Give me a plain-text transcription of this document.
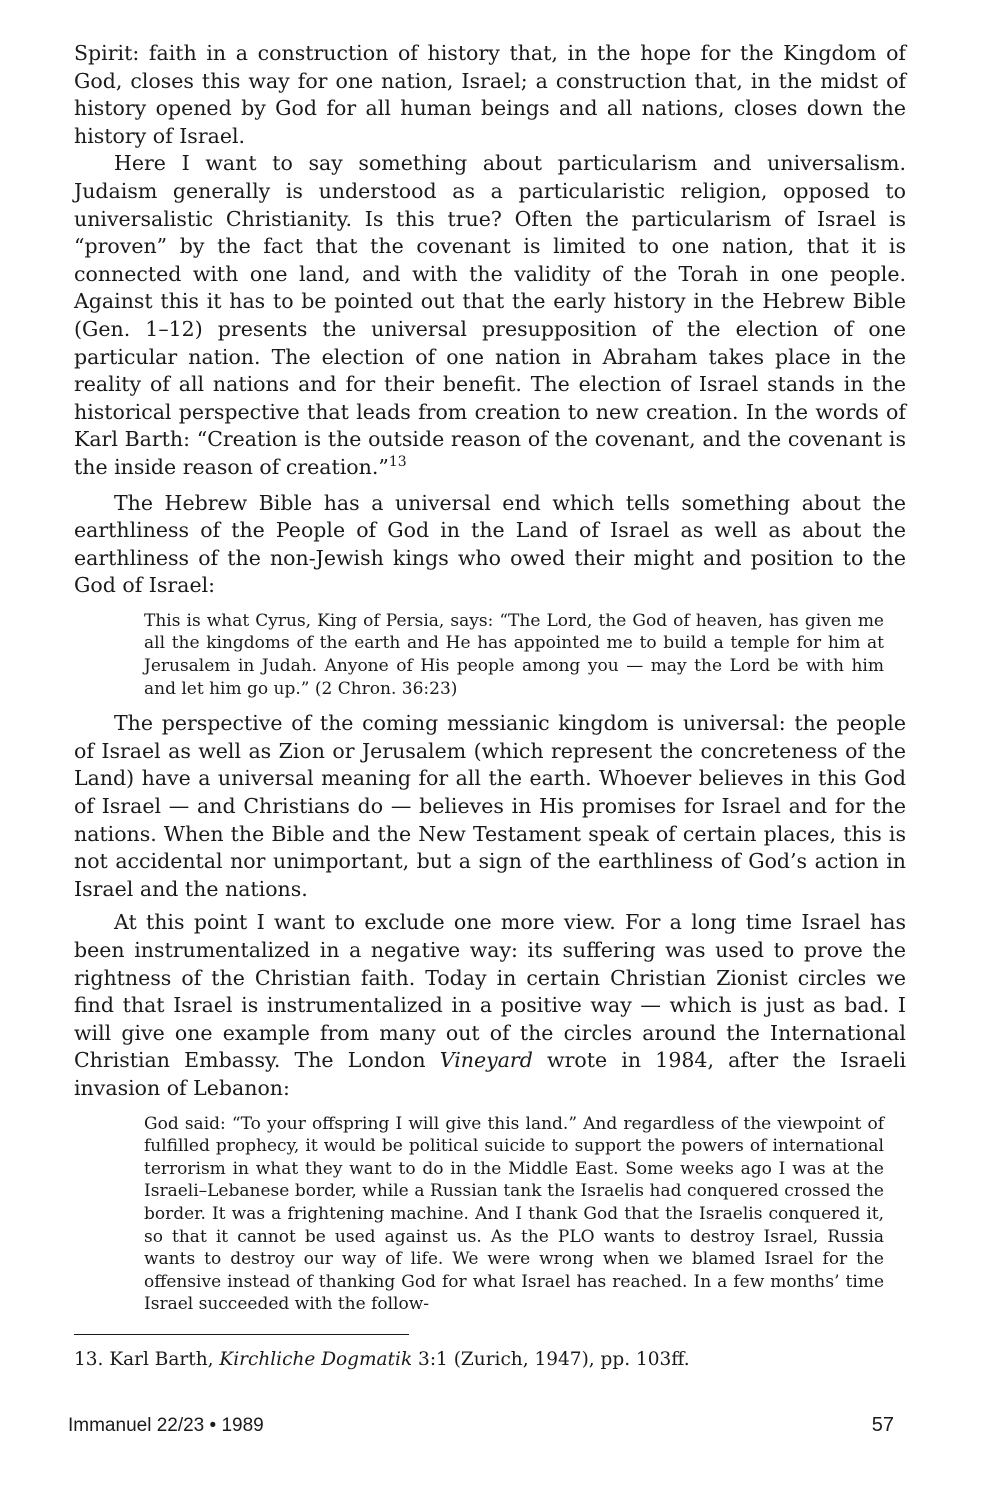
Spirit: faith in a construction of history that, in the hope for the Kingdom of God, closes this way for one nation, Israel; a construction that, in the midst of history opened by God for all human beings and all nations, closes down the history of Israel.

Here I want to say something about particularism and universalism. Judaism generally is understood as a particularistic religion, opposed to universalistic Christianity. Is this true? Often the particularism of Israel is “proven” by the fact that the covenant is limited to one nation, that it is connected with one land, and with the validity of the Torah in one people. Against this it has to be pointed out that the early history in the Hebrew Bible (Gen. 1–12) presents the universal presupposition of the election of one particular nation. The election of one nation in Abraham takes place in the reality of all nations and for their benefit. The election of Israel stands in the historical perspective that leads from creation to new creation. In the words of Karl Barth: “Creation is the outside reason of the covenant, and the covenant is the inside reason of creation.”$^{13}$

The Hebrew Bible has a universal end which tells something about the earthliness of the People of God in the Land of Israel as well as about the earthliness of the non-Jewish kings who owed their might and position to the God of Israel:

This is what Cyrus, King of Persia, says: “The Lord, the God of heaven, has given me all the kingdoms of the earth and He has appointed me to build a temple for him at Jerusalem in Judah. Anyone of His people among you — may the Lord be with him and let him go up.” (2 Chron. 36:23)

The perspective of the coming messianic kingdom is universal: the people of Israel as well as Zion or Jerusalem (which represent the concreteness of the Land) have a universal meaning for all the earth. Whoever believes in this God of Israel — and Christians do — believes in His promises for Israel and for the nations. When the Bible and the New Testament speak of certain places, this is not accidental nor unimportant, but a sign of the earthliness of God’s action in Israel and the nations.

At this point I want to exclude one more view. For a long time Israel has been instrumentalized in a negative way: its suffering was used to prove the rightness of the Christian faith. Today in certain Christian Zionist circles we find that Israel is instrumentalized in a positive way — which is just as bad. I will give one example from many out of the circles around the International Christian Embassy. The London Vineyard wrote in 1984, after the Israeli invasion of Lebanon:

God said: “To your offspring I will give this land.” And regardless of the viewpoint of fulfilled prophecy, it would be political suicide to support the powers of international terrorism in what they want to do in the Middle East. Some weeks ago I was at the Israeli–Lebanese border, while a Russian tank the Israelis had conquered crossed the border. It was a frightening machine. And I thank God that the Israelis conquered it, so that it cannot be used against us. As the PLO wants to destroy Israel, Russia wants to destroy our way of life. We were wrong when we blamed Israel for the offensive instead of thanking God for what Israel has reached. In a few months’ time Israel succeeded with the follow-

13. Karl Barth, Kirchliche Dogmatik 3:1 (Zurich, 1947), pp. 103ff.

Immanuel 22/23 • 1989	57
